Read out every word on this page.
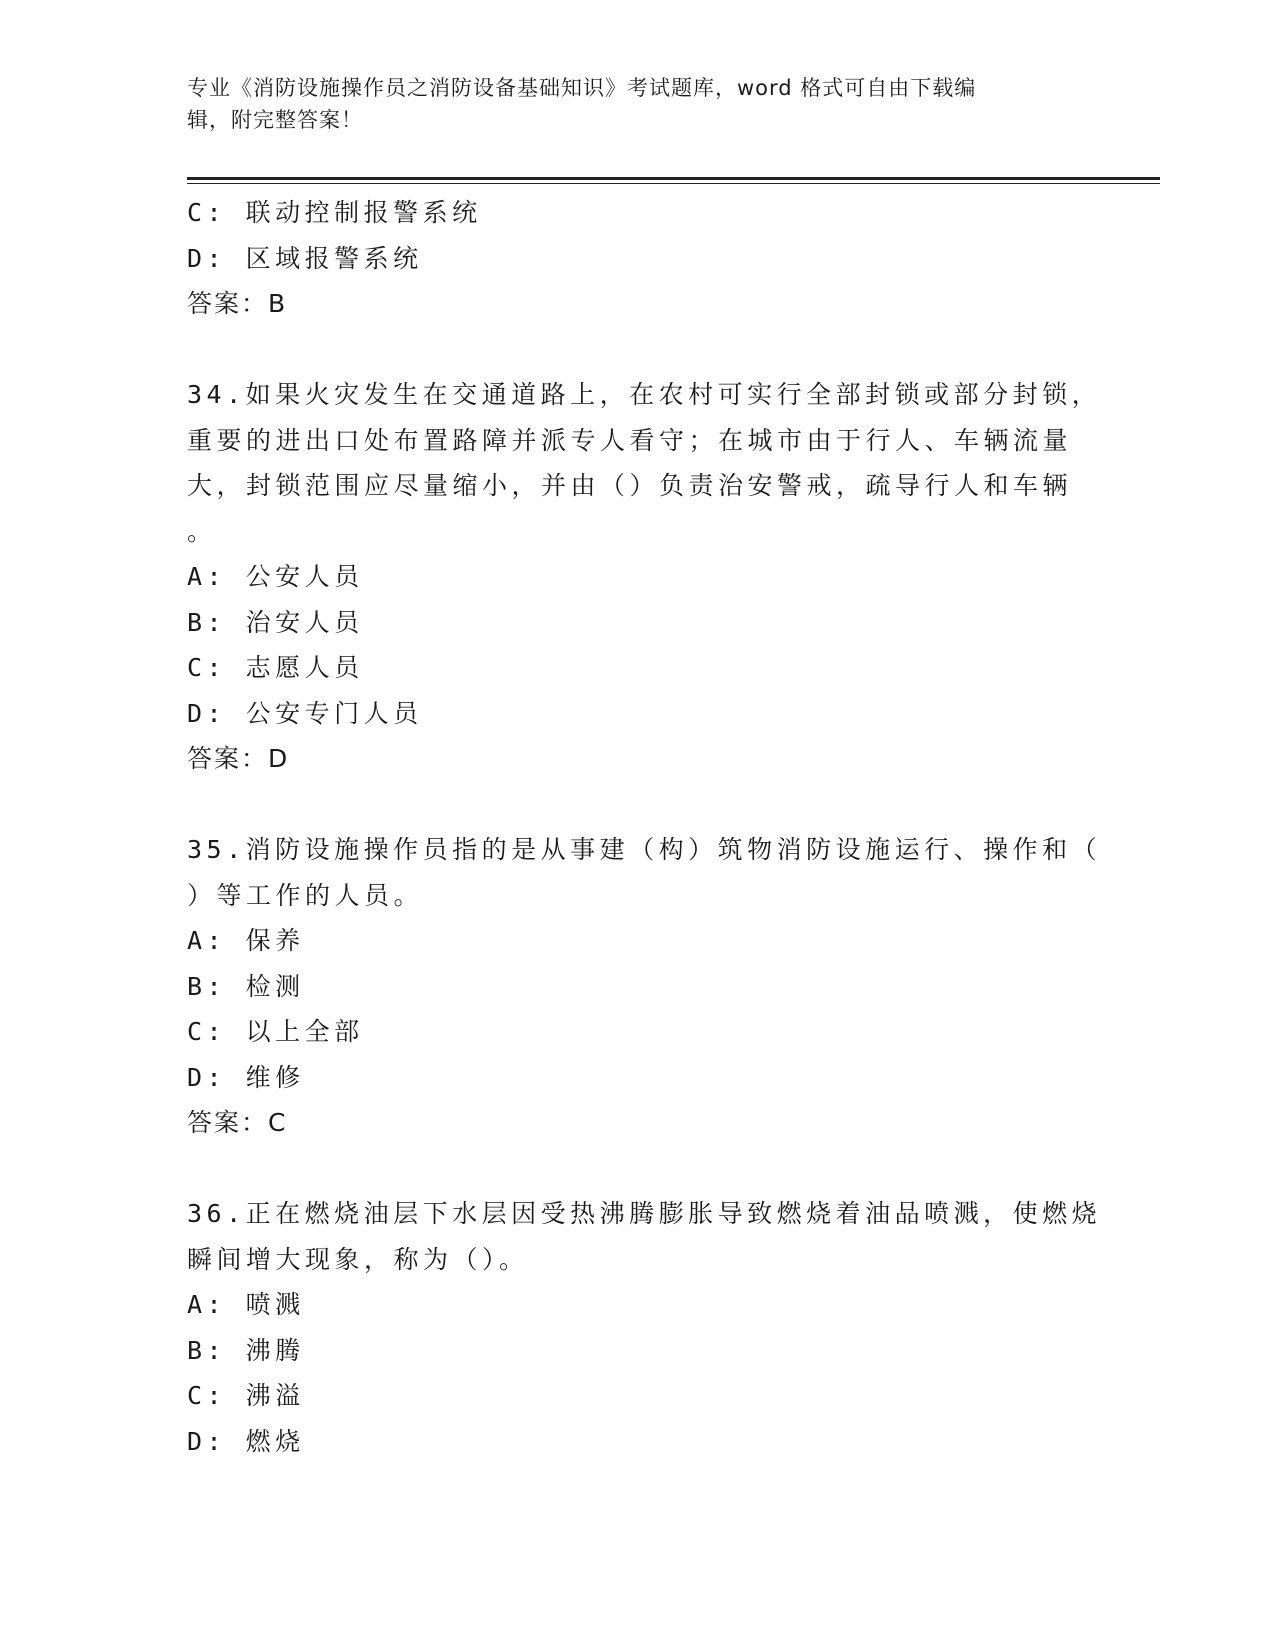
专业《消防设施操作员之消防设备基础知识》考试题库，word 格式可自由下载编
辑，附完整答案！
C: 联动控制报警系统
D: 区域报警系统
答案：B
34.如果火灾发生在交通道路上，在农村可实行全部封锁或部分封锁，
重要的进出口处布置路障并派专人看守；在城市由于行人、车辆流量
大，封锁范围应尽量缩小，并由（）负责治安警戒，疏导行人和车辆
。
A: 公安人员
B: 治安人员
C: 志愿人员
D: 公安专门人员
答案：D
35.消防设施操作员指的是从事建（构）筑物消防设施运行、操作和（
）等工作的人员。
A: 保养
B: 检测
C: 以上全部
D: 维修
答案：C
36.正在燃烧油层下水层因受热沸腾膨胀导致燃烧着油品喷溅，使燃烧
瞬间增大现象，称为（）。
A: 喷溅
B: 沸腾
C: 沸溢
D: 燃烧
